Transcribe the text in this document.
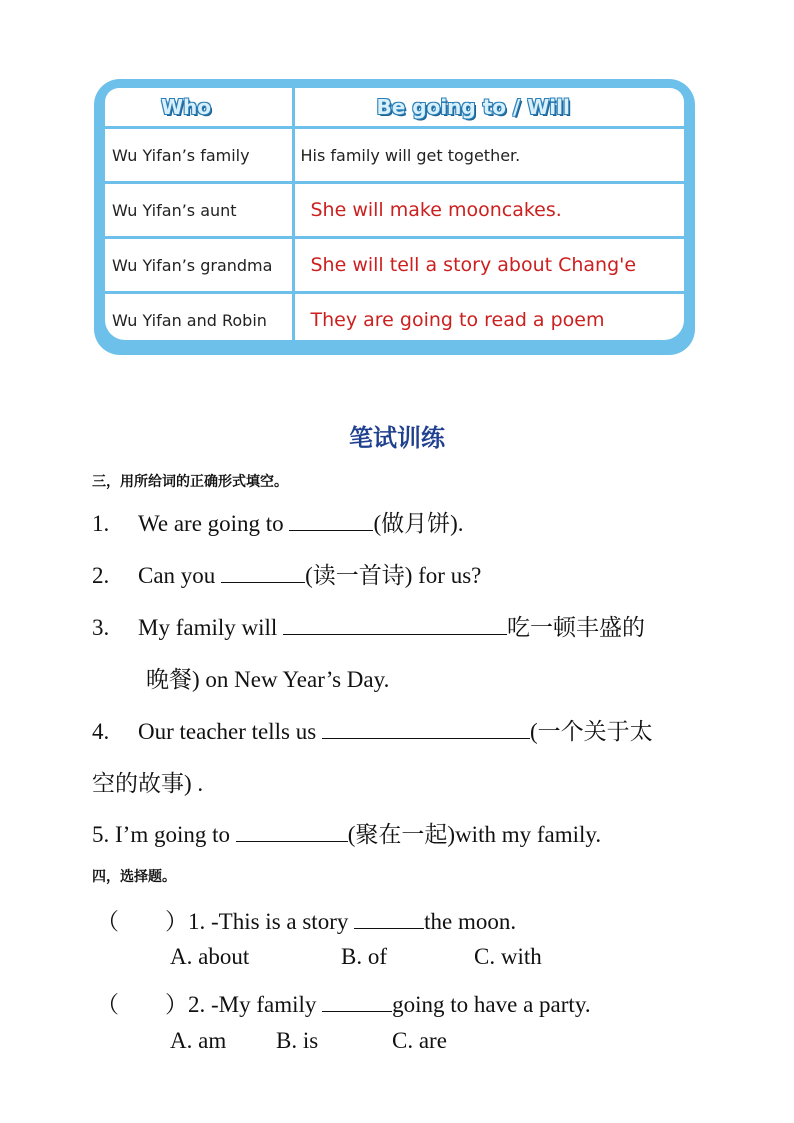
Who	Be going to / Will
Wu Yifan’s family	His family will get together.
Wu Yifan’s aunt	She will make mooncakes.
Wu Yifan’s grandma	She will tell a story about Chang'e
Wu Yifan and Robin	They are going to read a poem
笔试训练
三，用所给词的正确形式填空。
1. We are going to	(做月饼).
2. Can you	(读一首诗) for us?
3. My family will	吃一顿丰盛的
晚餐) on New Year’s Day.
4. Our teacher tells us	(一个关于太
空的故事) .
5. I’m going to	(聚在一起)with my family.
四，选择题。
（ ）1. -This is a story	the moon.
A. about	B. of	C. with
（ ）2. -My family	going to have a party.
A. am B. is	C. are
